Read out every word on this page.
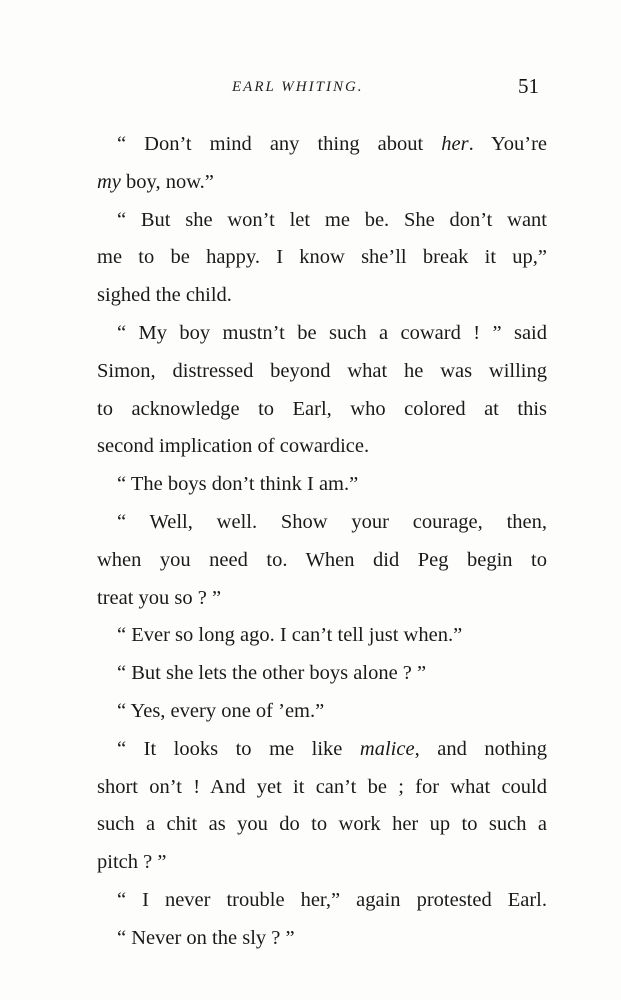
EARL WHITING.	51
“ Don’t mind any thing about her. You’re
my boy, now.”
“ But she won’t let me be. She don’t want
me to be happy. I know she’ll break it up,”
sighed the child.
“ My boy mustn’t be such a coward ! ” said
Simon, distressed beyond what he was willing
to acknowledge to Earl, who colored at this
second implication of cowardice.
“ The boys don’t think I am.”
“ Well, well. Show your courage, then,
when you need to. When did Peg begin to
treat you so ? ”
“ Ever so long ago. I can’t tell just when.”
“ But she lets the other boys alone ? ”
“ Yes, every one of ’em.”
“ It looks to me like malice, and nothing
short on’t ! And yet it can’t be ; for what could
such a chit as you do to work her up to such a
pitch ? ”
“ I never trouble her,” again protested Earl.
“ Never on the sly ? ”
